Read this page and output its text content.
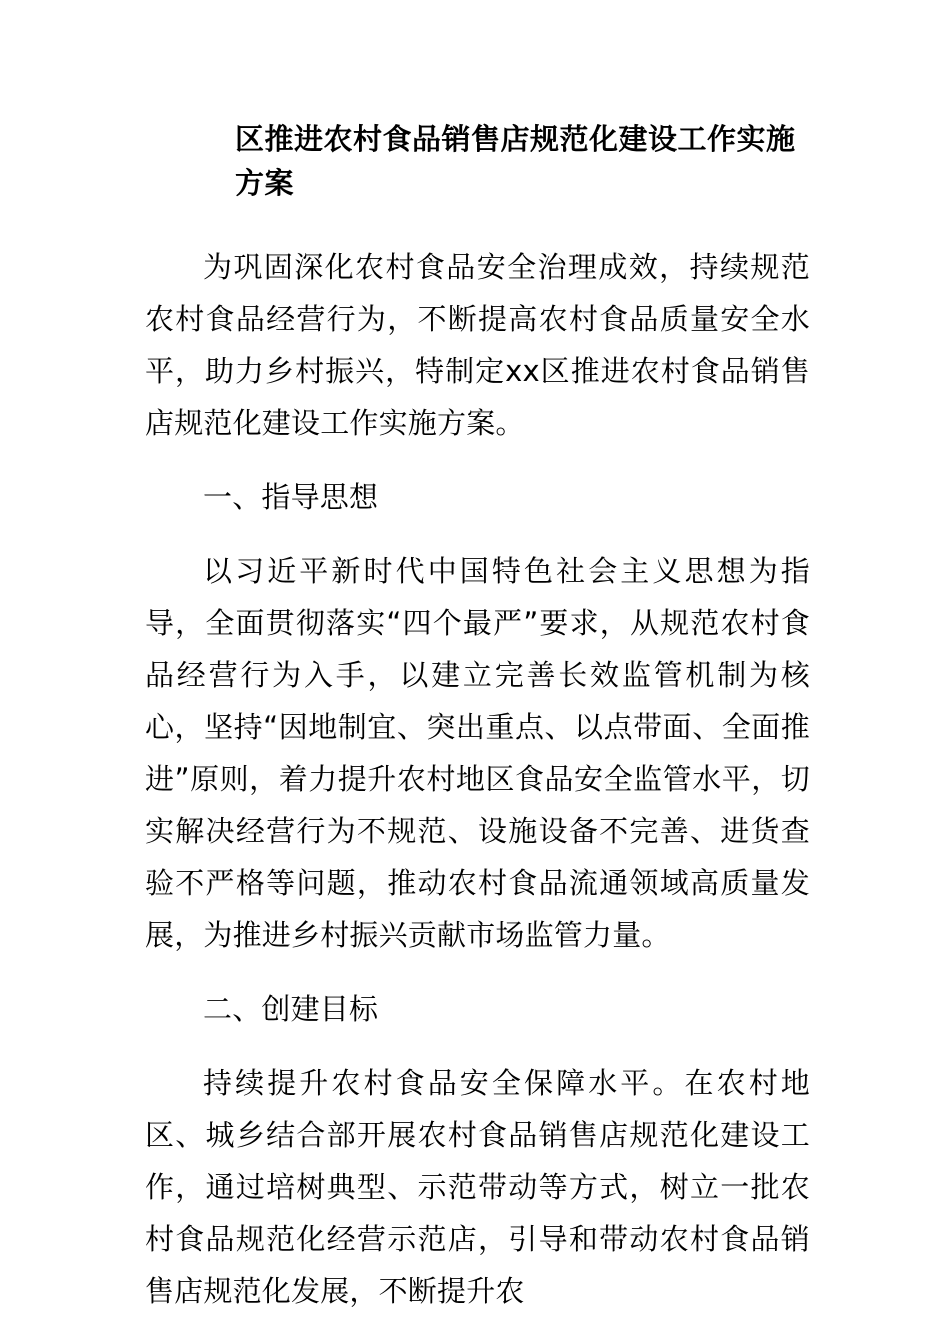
区推进农村食品销售店规范化建设工作实施方案

为巩固深化农村食品安全治理成效，持续规范农村食品经营行为，不断提高农村食品质量安全水平，助力乡村振兴，特制定xx区推进农村食品销售店规范化建设工作实施方案。

一、指导思想

以习近平新时代中国特色社会主义思想为指导，全面贯彻落实“四个最严”要求，从规范农村食品经营行为入手，以建立完善长效监管机制为核心，坚持“因地制宜、突出重点、以点带面、全面推进”原则，着力提升农村地区食品安全监管水平，切实解决经营行为不规范、设施设备不完善、进货查验不严格等问题，推动农村食品流通领域高质量发展，为推进乡村振兴贡献市场监管力量。

二、创建目标

持续提升农村食品安全保障水平。在农村地区、城乡结合部开展农村食品销售店规范化建设工作，通过培树典型、示范带动等方式，树立一批农村食品规范化经营示范店，引导和带动农村食品销售店规范化发展，不断提升农
